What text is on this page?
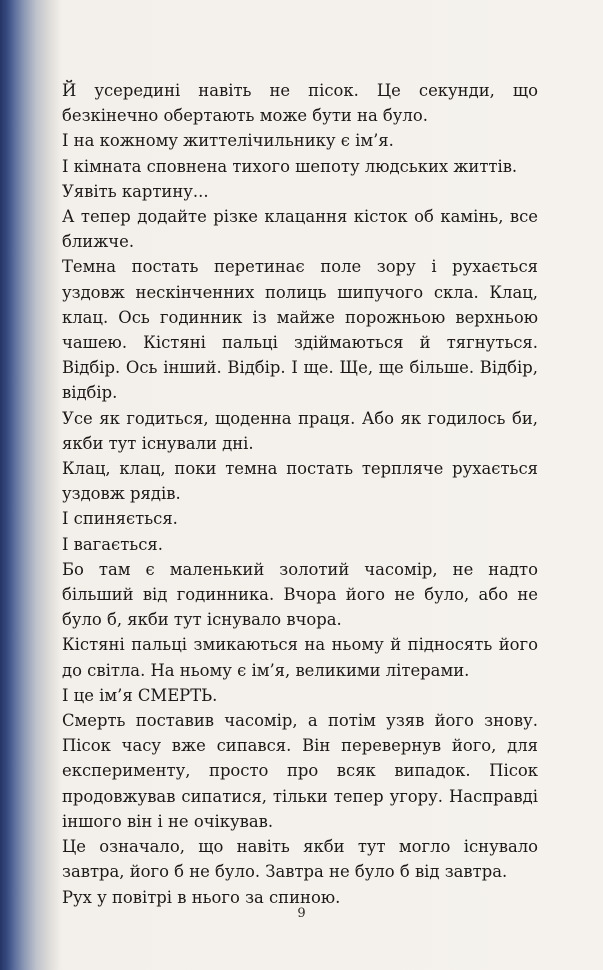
Й усередині навіть не пісок. Це секунди, що безкінечно обертають може бути на було.

І на кожному життелічильнику є ім’я.

І кімната сповнена тихого шепоту людських життів.

Уявіть картину...

А тепер додайте різке клацання кісток об камінь, все ближче.

Темна постать перетинає поле зору і рухається уздовж нескінченних полиць шипучого скла. Клац, клац. Ось годинник із майже порожньою верхньою чашею. Кістяні пальці здіймаються й тягнуться. Відбір. Ось інший. Відбір. І ще. Ще, ще більше. Відбір, відбір.

Усе як годиться, щоденна праця. Або як годилось би, якби тут існували дні.

Клац, клац, поки темна постать терпляче рухається уздовж рядів.

І спиняється.

І вагається.

Бо там є маленький золотий часомір, не надто більший від годинника. Вчора його не було, або не було б, якби тут існувало вчора.

Кістяні пальці змикаються на ньому й підносять його до світла. На ньому є ім’я, великими літерами.

І це ім’я СМЕРТЬ.

Смерть поставив часомір, а потім узяв його знову. Пісок часу вже сипався. Він перевернув його, для експерименту, просто про всяк випадок. Пісок продовжував сипатися, тільки тепер угору. Насправді іншого він і не очікував.

Це означало, що навіть якби тут могло існувало завтра, його б не було. Завтра не було б від завтра.

Рух у повітрі в нього за спиною.

9
